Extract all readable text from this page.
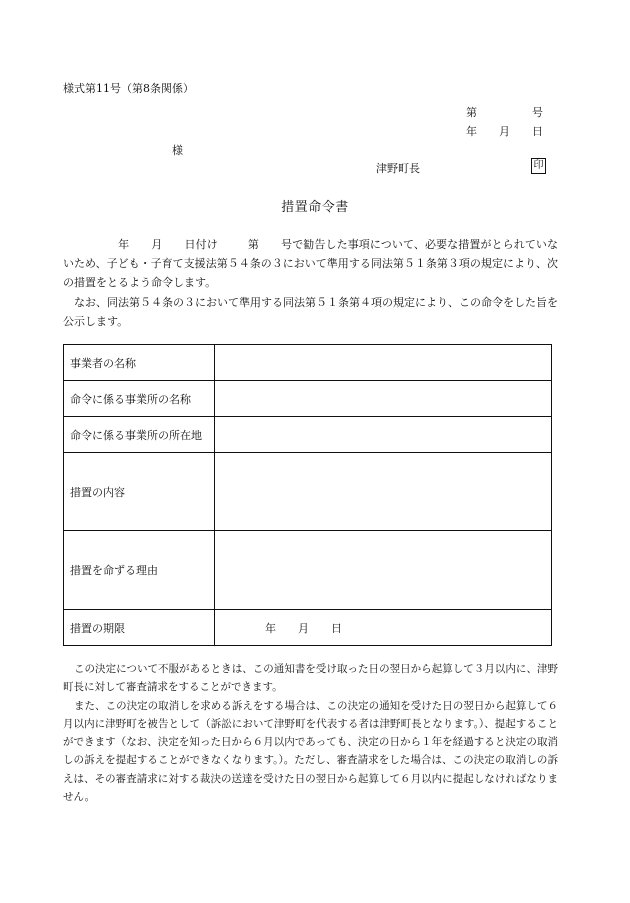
様式第11号（第8条関係）
第	号
年 月 日
様
津野町長	印
措置命令書

年 月 日付け	第 号で勧告した事項について、必要な措置がとられていないため、子ども・子育て支援法第５４条の３において準用する同法第５１条第３項の規定により、次の措置をとるよう命令します。

なお、同法第５４条の３において準用する同法第５１条第４項の規定により、この命令をした旨を公示します。

事業者の名称	
命令に係る事業所の名称	
命令に係る事業所の所在地	
措置の内容	
措置を命ずる理由	
措置の期限	年 月 日

この決定について不服があるときは、この通知書を受け取った日の翌日から起算して３月以内に、津野町長に対して審査請求をすることができます。

また、この決定の取消しを求める訴えをする場合は、この決定の通知を受けた日の翌日から起算して６月以内に津野町を被告として（訴訟において津野町を代表する者は津野町長となります。）、提起することができます（なお、決定を知った日から６月以内であっても、決定の日から１年を経過すると決定の取消しの訴えを提起することができなくなります。）。ただし、審査請求をした場合は、この決定の取消しの訴えは、その審査請求に対する裁決の送達を受けた日の翌日から起算して６月以内に提起しなければなりません。
